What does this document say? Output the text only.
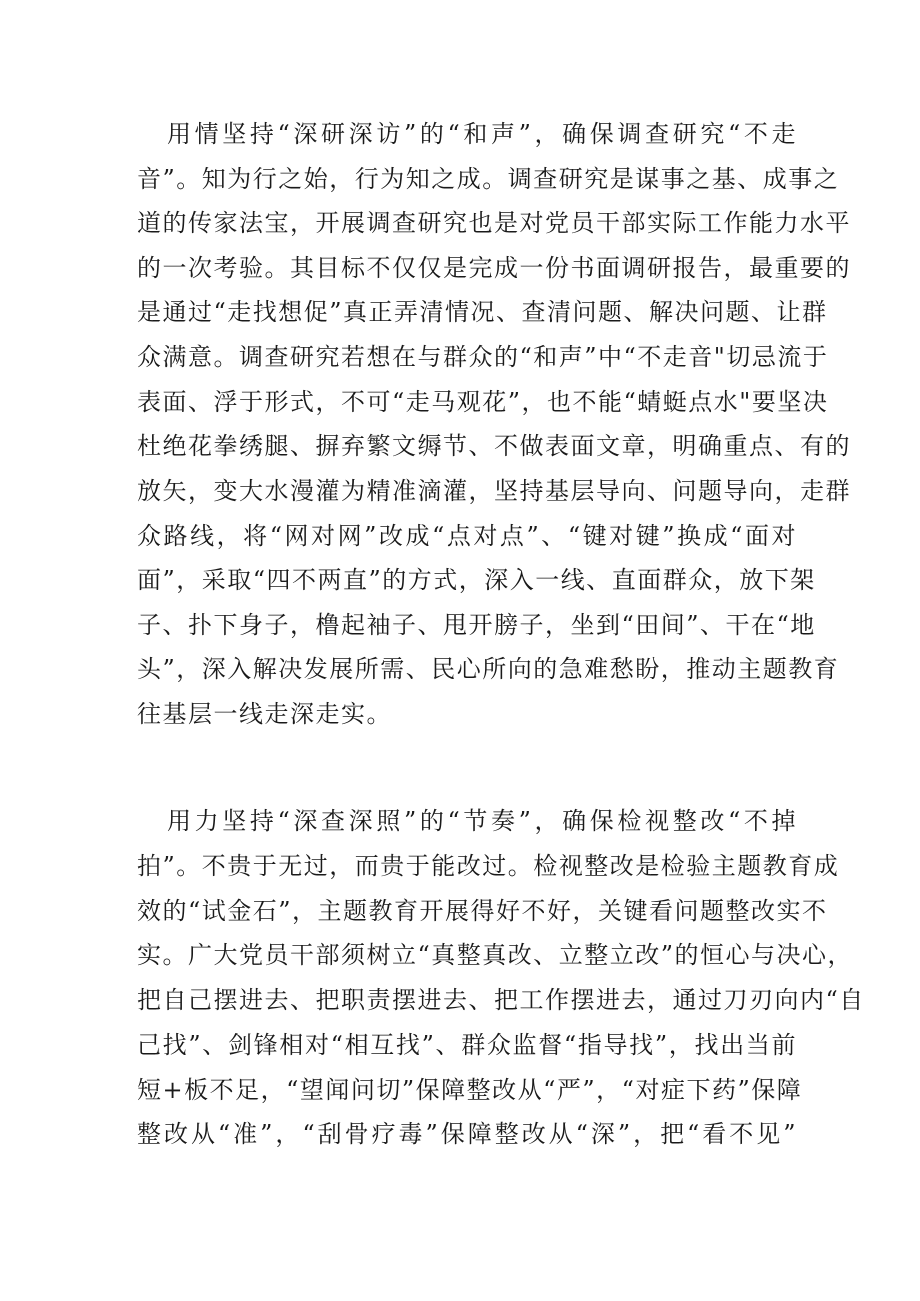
用情坚持“深研深访”的“和声”，确保调查研究“不走
音”。知为行之始，行为知之成。调查研究是谋事之基、成事之
道的传家法宝，开展调查研究也是对党员干部实际工作能力水平
的一次考验。其目标不仅仅是完成一份书面调研报告，最重要的
是通过“走找想促”真正弄清情况、查清问题、解决问题、让群
众满意。调查研究若想在与群众的“和声”中“不走音"切忌流于
表面、浮于形式，不可“走马观花”，也不能“蜻蜓点水"要坚决
杜绝花拳绣腿、摒弃繁文缛节、不做表面文章，明确重点、有的
放矢，变大水漫灌为精准滴灌，坚持基层导向、问题导向，走群
众路线，将“网对网”改成“点对点”、“键对键”换成“面对
面”，采取“四不两直”的方式，深入一线、直面群众，放下架
子、扑下身子，橹起袖子、甩开膀子，坐到“田间”、干在“地
头”，深入解决发展所需、民心所向的急难愁盼，推动主题教育
往基层一线走深走实。
用力坚持“深查深照”的“节奏”，确保检视整改“不掉
拍”。不贵于无过，而贵于能改过。检视整改是检验主题教育成
效的“试金石”，主题教育开展得好不好，关键看问题整改实不
实。广大党员干部须树立“真整真改、立整立改”的恒心与决心，
把自己摆进去、把职责摆进去、把工作摆进去，通过刀刃向内“自
己找”、剑锋相对“相互找”、群众监督“指导找”，找出当前
短+板不足，“望闻问切”保障整改从“严”，“对症下药”保障
整改从“准”，“刮骨疗毒”保障整改从“深”，把“看不见”
